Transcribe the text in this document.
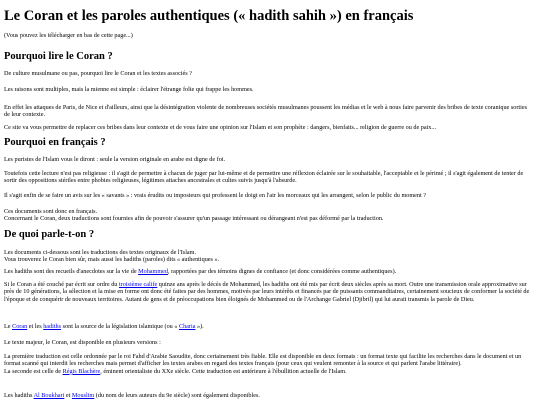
Le Coran et les paroles authentiques (« hadith sahih ») en français

(Vous pouvez les télécharger en bas de cette page...)

Pourquoi lire le Coran ?

De culture musulmane ou pas, pourquoi lire le Coran et les textes associés ?

Les raisons sont multiples, mais la mienne est simple : éclairer l'étrange folie qui frappe les hommes.

En effet les attaques de Paris, de Nice et d'ailleurs, ainsi que la désintégration violente de nombreuses sociétés musulmanes poussent les médias et le web à nous faire parvenir des bribes de texte coranique sorties de leur contexte.

Ce site va vous permettre de replacer ces bribes dans leur contexte et de vous faire une opinion sur l'Islam et son prophète : dangers, bienfaits... religion de guerre ou de paix...

Pourquoi en français ?

Les puristes de l'Islam vous le diront : seule la version originale en arabe est digne de foi.

Toutefois cette lecture n'est pas religieuse : il s'agit de permettre à chacun de juger par lui-même et de permettre une réflexion éclairée sur le souhaitable, l'acceptable et le périmé ; il s'agit également de tenter de sortir des oppositions stériles entre phobies religieuses, légitimes attaches ancestrales et cultes suivis jusqu'à l'absurde.

Il s'agit enfin de se faire un avis sur les « savants » : vrais érudits ou imposteurs qui professent le doigt en l'air les morceaux qui les arrangent, selon le public du moment ?

Ces documents sont donc en français.
Concernant le Coran, deux traductions sont fournies afin de pouvoir s'assurer qu'un passage intéressant ou dérangeant n'est pas déformé par la traduction.

De quoi parle-t-on ?

Les documents ci-dessous sont les traductions des textes originaux de l'Islam.
Vous trouverez le Coran bien sûr, mais aussi les hadiths (paroles) dits « authentiques ».

Les hadiths sont des recueils d'anecdotes sur la vie de Mohammed, rapportées par des témoins dignes de confiance (et donc considérées comme authentiques).

Si le Coran a été couché par écrit sur ordre du troisième calife quinze ans après le décès de Mohammed, les hadiths ont été mis par écrit deux siècles après sa mort. Outre une transmission orale approximative sur près de 10 générations, la sélection et la mise en forme ont donc été faites par des hommes, motivés par leurs intérêts et financés par de puissants commanditaires, certainement soucieux de conformer la société de l'époque et de conquérir de nouveaux territoires. Autant de gens et de préoccupations bien éloignés de Mohammed ou de l'Archange Gabriel (Djibril) qui lui aurait transmis la parole de Dieu.

Le Coran et les hadiths sont la source de la législation islamique (ou « Charia »).

Le texte majeur, le Coran, est disponible en plusieurs versions :

La première traduction est celle ordonnée par le roi Fahd d'Arabie Saoudite, donc certainement très fiable. Elle est disponible en deux formats : un format texte qui facilite les recherches dans le document et un format scanné qui interdit les recherches mais permet d'afficher les textes arabes en regard des textes français (pour ceux qui veulent remonter à la source et qui parlent l'arabe littéraire).
La seconde est celle de Régis Blachère, éminent orientaliste du XXe siècle. Cette traduction est antérieure à l'ébullition actuelle de l'Islam.

Les hadiths Al Boukhari et Mouslim (du nom de leurs auteurs du 9e siècle) sont également disponibles.
